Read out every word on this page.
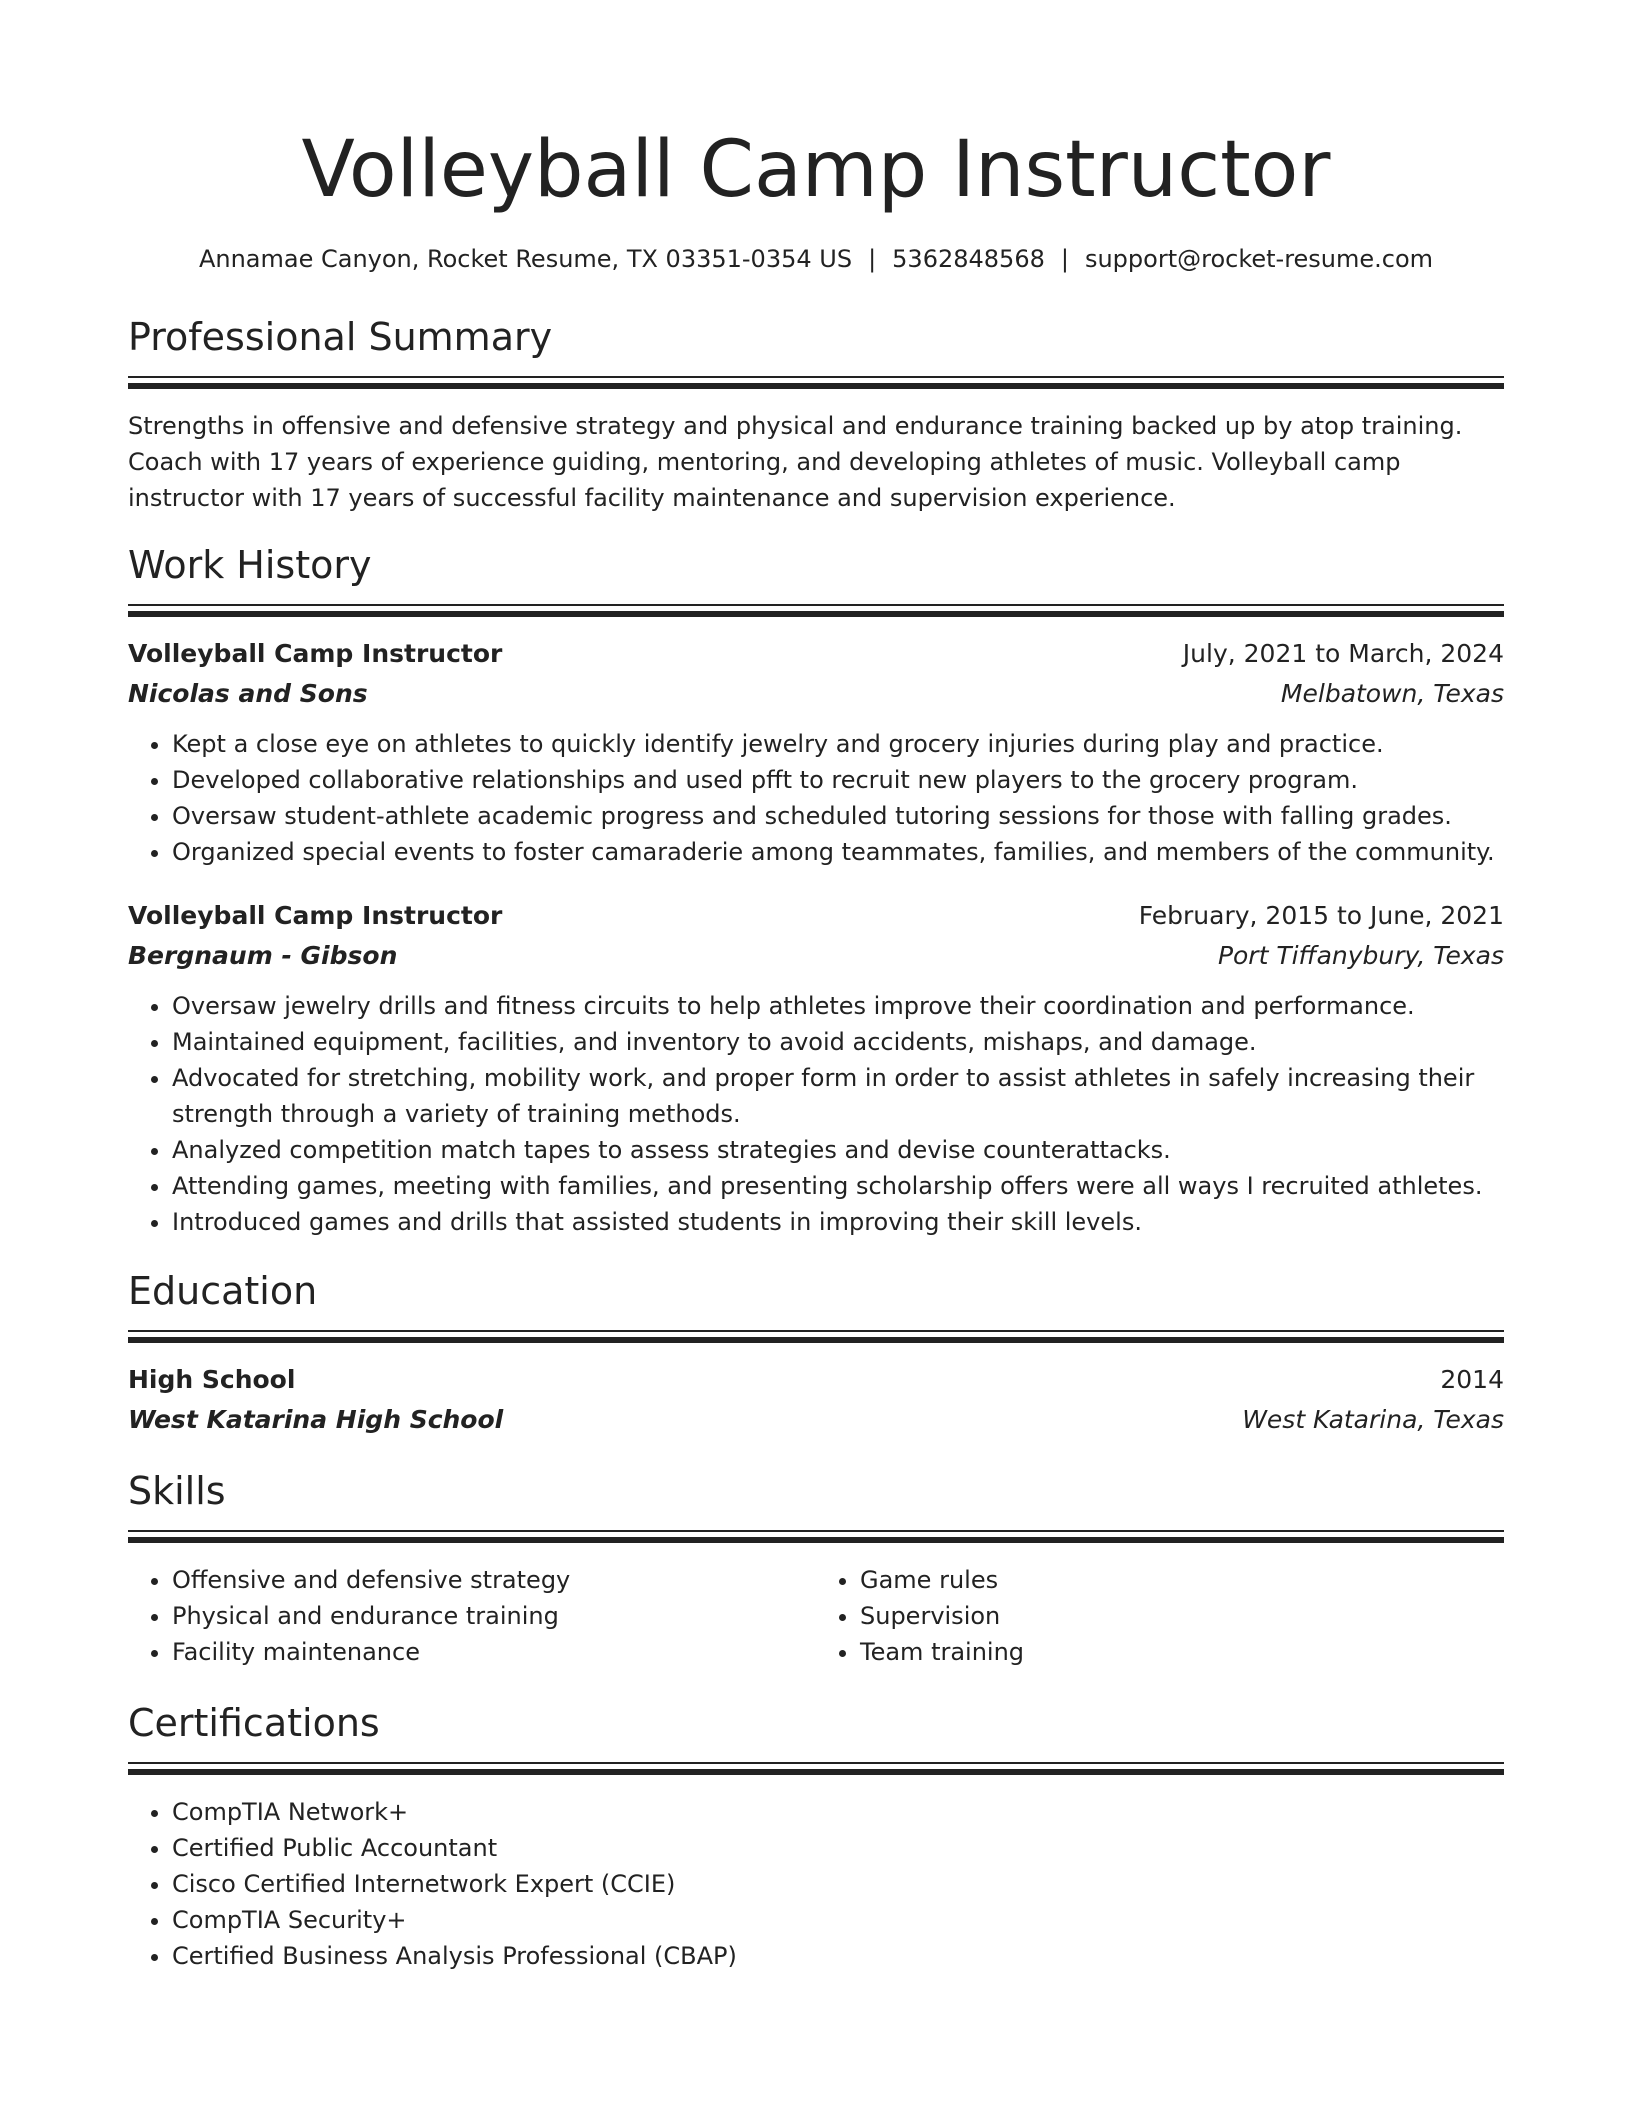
Volleyball Camp Instructor
Annamae Canyon, Rocket Resume, TX 03351-0354 US | 5362848568 | support@rocket-resume.com
Professional Summary

Strengths in offensive and defensive strategy and physical and endurance training backed up by atop training. Coach with 17 years of experience guiding, mentoring, and developing athletes of music. Volleyball camp instructor with 17 years of successful facility maintenance and supervision experience.

Work History
Volleyball Camp Instructor	July, 2021 to March, 2024
Nicolas and Sons	Melbatown, Texas
• Kept a close eye on athletes to quickly identify jewelry and grocery injuries during play and practice.
• Developed collaborative relationships and used pfft to recruit new players to the grocery program.
• Oversaw student-athlete academic progress and scheduled tutoring sessions for those with falling grades.
• Organized special events to foster camaraderie among teammates, families, and members of the community.
Volleyball Camp Instructor	February, 2015 to June, 2021
Bergnaum - Gibson	Port Tiffanybury, Texas
• Oversaw jewelry drills and fitness circuits to help athletes improve their coordination and performance.
• Maintained equipment, facilities, and inventory to avoid accidents, mishaps, and damage.
• Advocated for stretching, mobility work, and proper form in order to assist athletes in safely increasing their strength through a variety of training methods.
• Analyzed competition match tapes to assess strategies and devise counterattacks.
• Attending games, meeting with families, and presenting scholarship offers were all ways I recruited athletes.
• Introduced games and drills that assisted students in improving their skill levels.
Education
High School	2014
West Katarina High School	West Katarina, Texas
Skills
• Offensive and defensive strategy
• Physical and endurance training
• Facility maintenance
• Game rules
• Supervision
• Team training
Certifications
• CompTIA Network+
• Certified Public Accountant
• Cisco Certified Internetwork Expert (CCIE)
• CompTIA Security+
• Certified Business Analysis Professional (CBAP)
